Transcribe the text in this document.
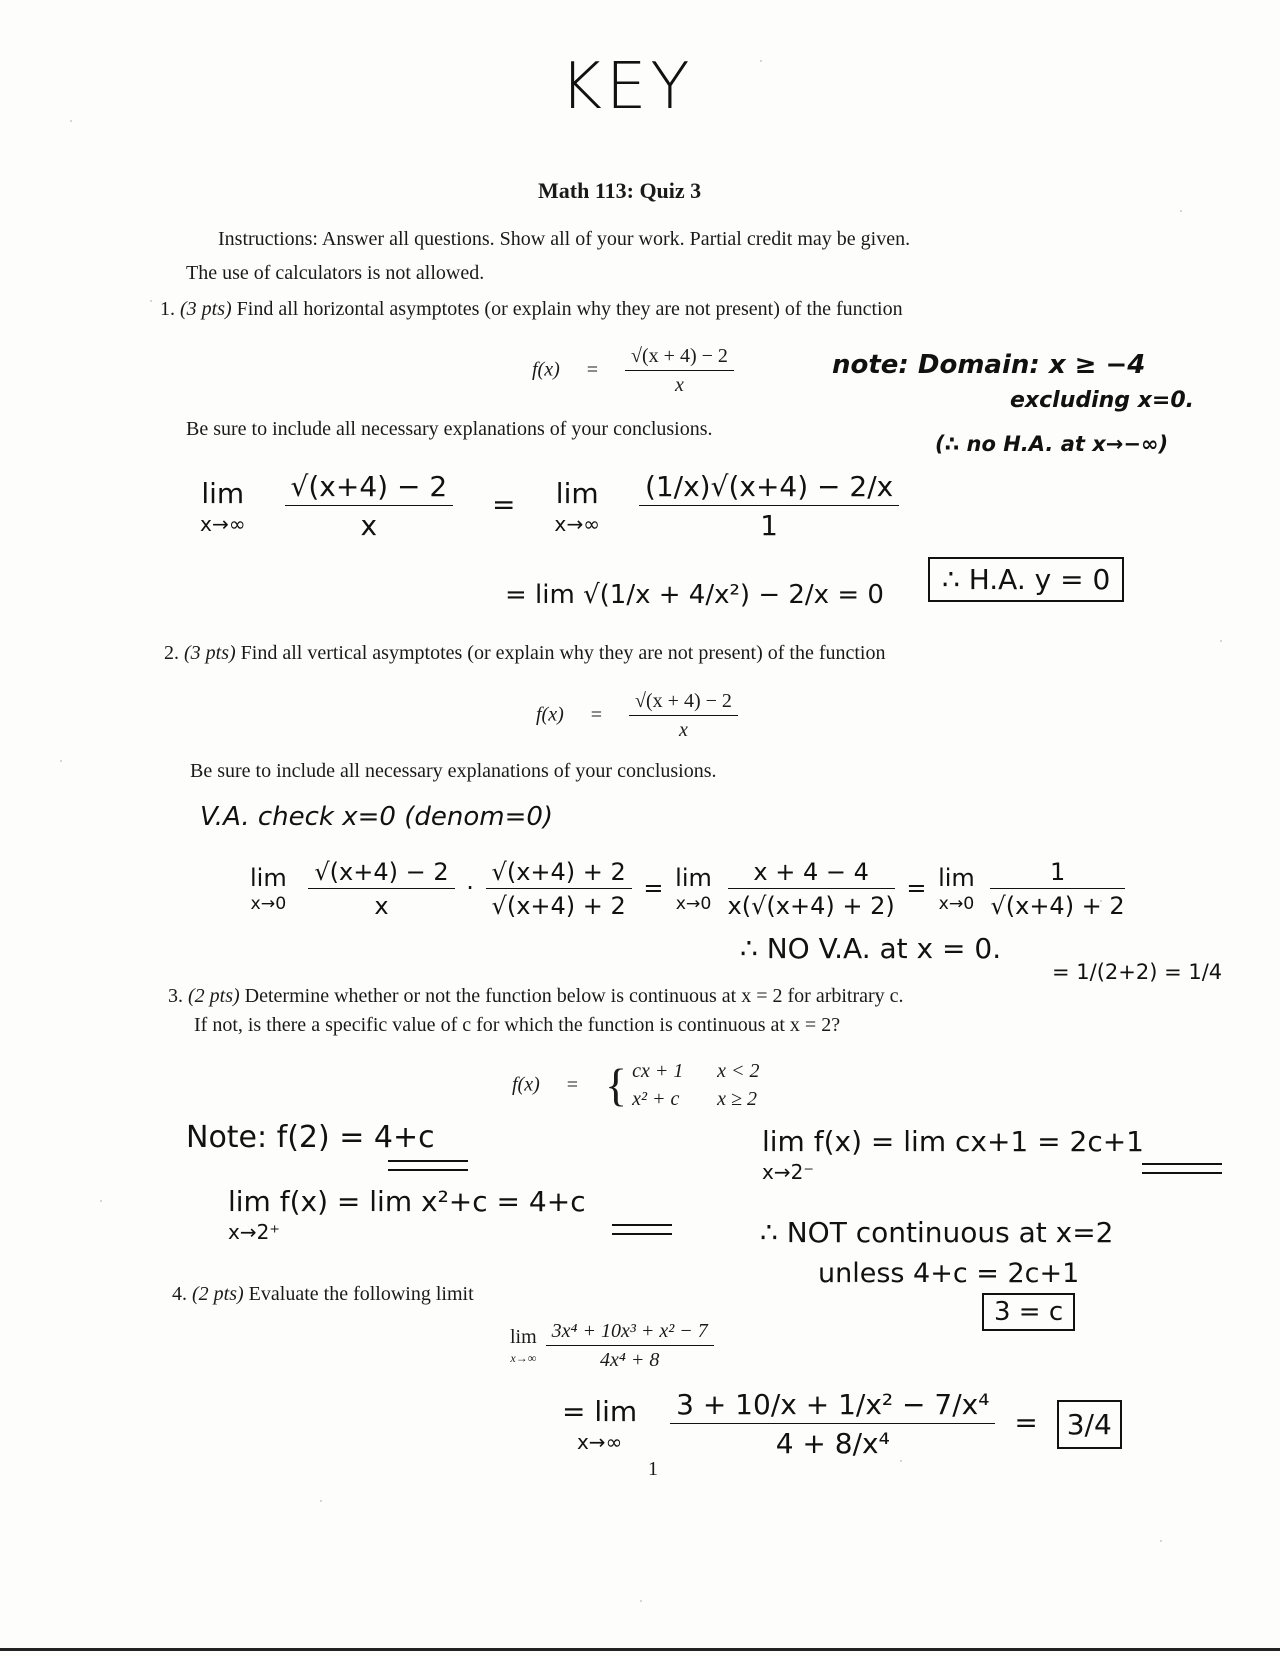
KEY
Math 113: Quiz 3
Instructions: Answer all questions. Show all of your work. Partial credit may be given.
The use of calculators is not allowed.
1. (3 pts) Find all horizontal asymptotes (or explain why they are not present) of the function
$f(x) = \frac{√(x + 4) - 2}{x}$	note: Domain: x ≥ −4
excluding x=0.
(∴ no H.A. at x→−∞)
Be sure to include all necessary explanations of your conclusions.
lim
x→∞
$\frac{√(x+4) - 2}{x} = \lim$
x→∞
$\frac{(1/x)√(x+4) - 2/x}{1}$
= lim √(1/x + 4/x²) − 2/x = 0	∴ H.A. y = 0
2. (3 pts) Find all vertical asymptotes (or explain why they are not present) of the function
$f(x) = \frac{√(x + 4) - 2}{x}$
Be sure to include all necessary explanations of your conclusions.
V.A. check x=0 (denom=0)
lim
x→0
$\frac{√(x+4) - 2}{x} \cdot \frac{√(x+4) + 2}{√(x+4) + 2} = \lim$
x→0
$\frac{x + 4 - 4}{x(√(x+4) + 2)} = \lim$
x→0
$\frac{1}{√(x+4) + 2}$
= 1/(2+2) = 1/4
∴ NO V.A. at x = 0.
3. (2 pts) Determine whether or not the function below is continuous at x = 2 for arbitrary c.
If not, is there a specific value of c for which the function is continuous at x = 2?
f(x) = { cx + 1 x < 2
x² + c x ≥ 2
Note: f(2) = 4+c
lim f(x) = lim x²+c = 4+c
x→2⁺
lim f(x) = lim cx+1 = 2c+1
x→2⁻
∴ NOT continuous at x=2
unless 4+c = 2c+1
3 = c
4. (2 pts) Evaluate the following limit
lim
x→∞
$\frac{\text{3x⁴ + 10x³ + x² − 7}}{\text{4x⁴ + 8}}$
= lim
x→∞
	$\frac{\text{3 + 10/x + 1/x² − 7/x⁴}}{\text{4 + 8/x⁴}} = 3/4$
1
